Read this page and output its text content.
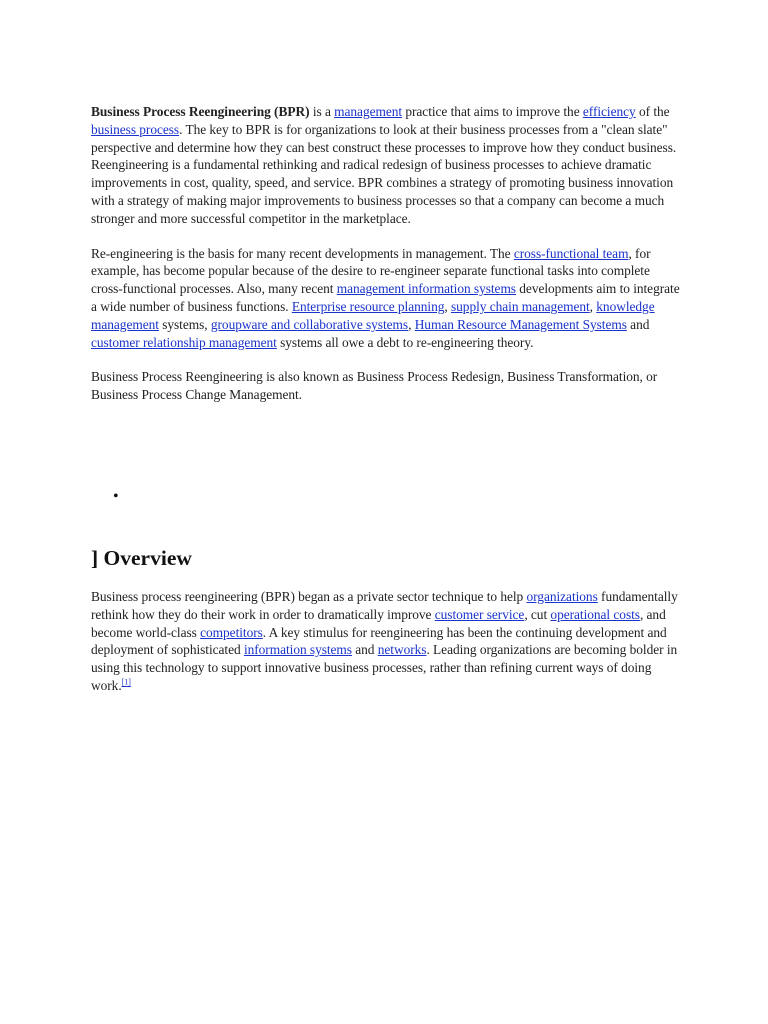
Business Process Reengineering (BPR) is a management practice that aims to improve the efficiency of the business process. The key to BPR is for organizations to look at their business processes from a "clean slate" perspective and determine how they can best construct these processes to improve how they conduct business. Reengineering is a fundamental rethinking and radical redesign of business processes to achieve dramatic improvements in cost, quality, speed, and service. BPR combines a strategy of promoting business innovation with a strategy of making major improvements to business processes so that a company can become a much stronger and more successful competitor in the marketplace.

Re-engineering is the basis for many recent developments in management. The cross-functional team, for example, has become popular because of the desire to re-engineer separate functional tasks into complete cross-functional processes. Also, many recent management information systems developments aim to integrate a wide number of business functions. Enterprise resource planning, supply chain management, knowledge management systems, groupware and collaborative systems, Human Resource Management Systems and customer relationship management systems all owe a debt to re-engineering theory.

Business Process Reengineering is also known as Business Process Redesign, Business Transformation, or Business Process Change Management.

•
] Overview

Business process reengineering (BPR) began as a private sector technique to help organizations fundamentally rethink how they do their work in order to dramatically improve customer service, cut operational costs, and become world-class competitors. A key stimulus for reengineering has been the continuing development and deployment of sophisticated information systems and networks. Leading organizations are becoming bolder in using this technology to support innovative business processes, rather than refining current ways of doing work.[1]
